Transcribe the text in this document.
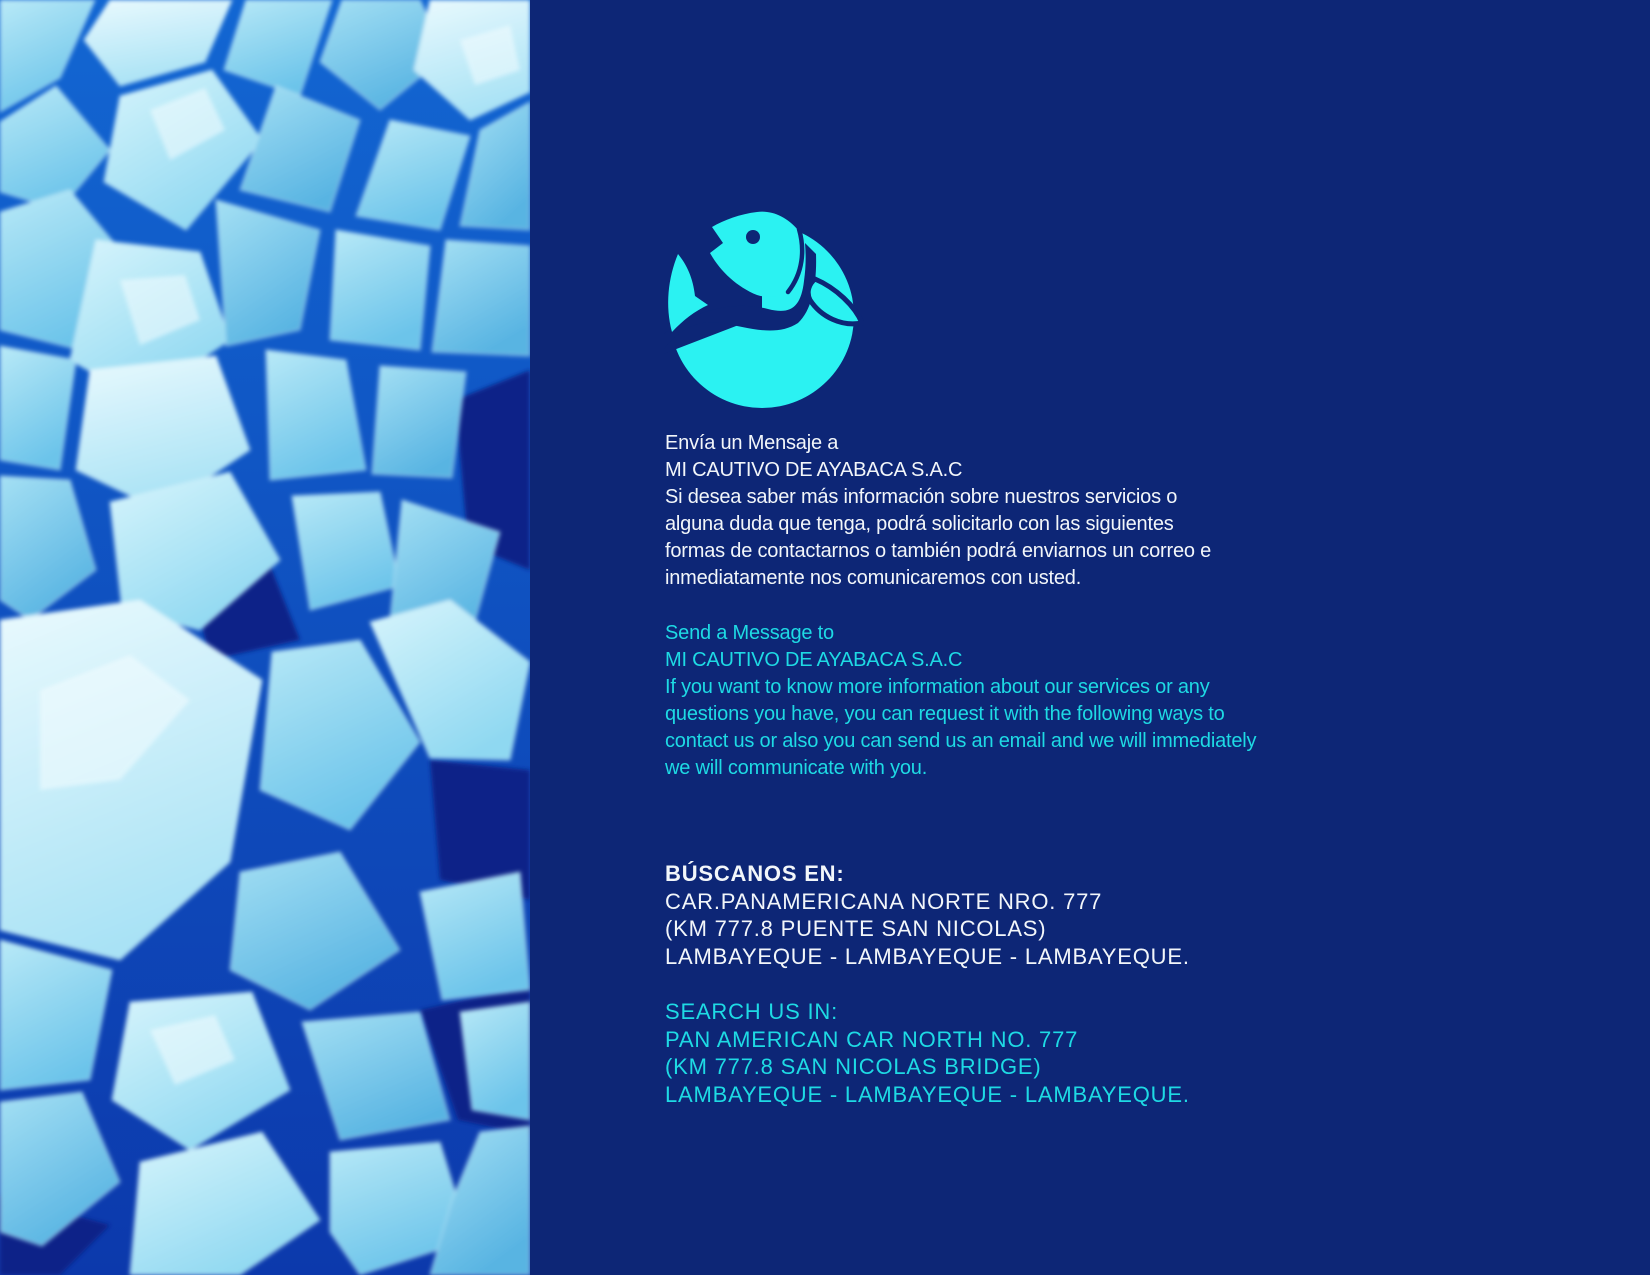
Envía un Mensaje a
MI CAUTIVO DE AYABACA S.A.C
Si desea saber más información sobre nuestros servicios o
alguna duda que tenga, podrá solicitarlo con las siguientes
formas de contactarnos o también podrá enviarnos un correo e
inmediatamente nos comunicaremos con usted.
Send a Message to
MI CAUTIVO DE AYABACA S.A.C
If you want to know more information about our services or any
questions you have, you can request it with the following ways to
contact us or also you can send us an email and we will immediately
we will communicate with you.
BÚSCANOS EN:
CAR.PANAMERICANA NORTE NRO. 777
(KM 777.8 PUENTE SAN NICOLAS)
LAMBAYEQUE - LAMBAYEQUE - LAMBAYEQUE.
SEARCH US IN:
PAN AMERICAN CAR NORTH NO. 777
(KM 777.8 SAN NICOLAS BRIDGE)
LAMBAYEQUE - LAMBAYEQUE - LAMBAYEQUE.
